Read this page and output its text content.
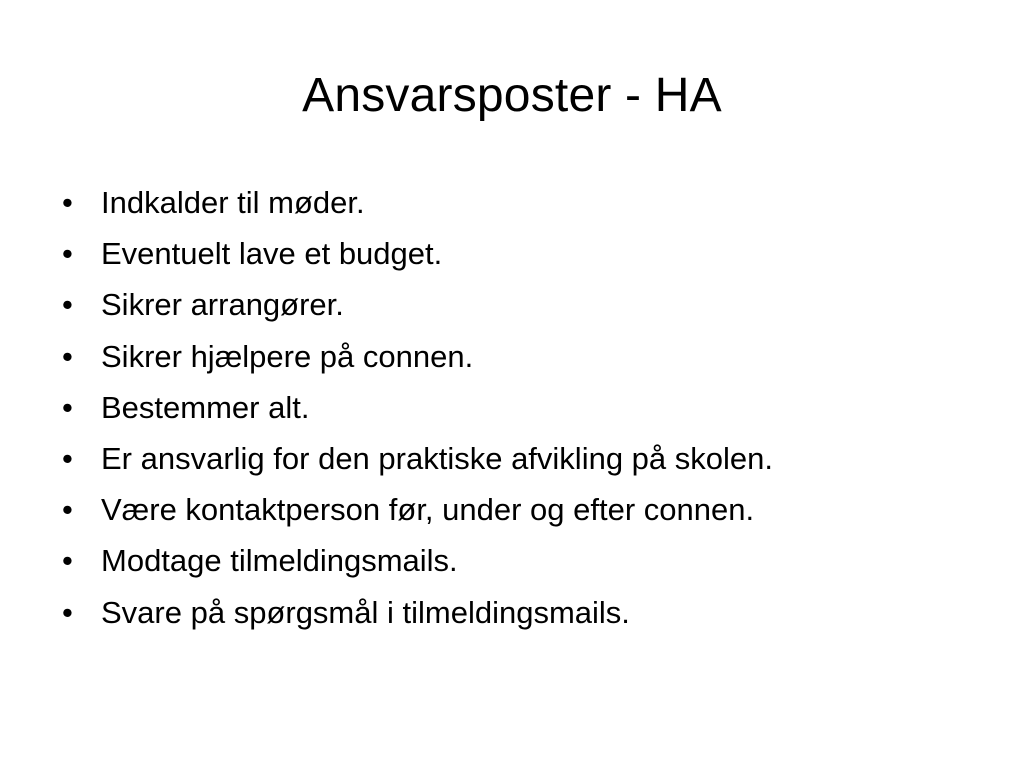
Ansvarsposter - HA
• Indkalder til møder.
• Eventuelt lave et budget.
• Sikrer arrangører.
• Sikrer hjælpere på connen.
• Bestemmer alt.
• Er ansvarlig for den praktiske afvikling på skolen.
• Være kontaktperson før, under og efter connen.
• Modtage tilmeldingsmails.
• Svare på spørgsmål i tilmeldingsmails.
